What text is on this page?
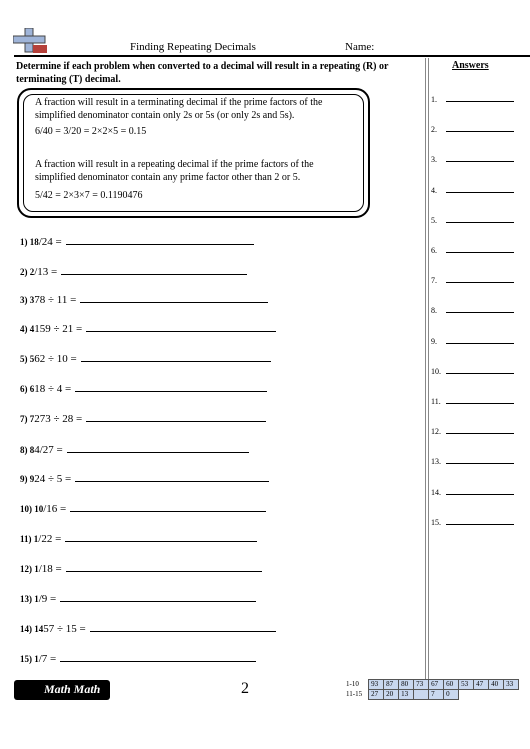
Finding Repeating Decimals	Name:
Determine if each problem when converted to a decimal will result in a repeating (R) or terminating (T) decimal.
Answers

A fraction will result in a terminating decimal if the prime factors of the simplified denominator contain only 2s or 5s (or only 2s and 5s).

6/40 = 3/20 = 2×2×5 = 0.15

A fraction will result in a repeating decimal if the prime factors of the simplified denominator contain any prime factor other than 2 or 5.

5/42 = 2×3×7 = 0.1190476
1) 18/24 =
2) 2/13 =
3) 378 ÷ 11 =
4) 4159 ÷ 21 =
5) 562 ÷ 10 =
6) 618 ÷ 4 =
7) 7273 ÷ 28 =
8) 84/27 =
9) 924 ÷ 5 =
10) 10/16 =
11) 1/22 =
12) 1/18 =
13) 1/9 =
14) 1457 ÷ 15 =
15) 1/7 =
1.
2.
3.
4.
5.
6.
7.
8.
9.
10.
11.
12.
13.
14.
15.
Math Math	2	1-10	93	87	80	73	67	60	53	47	40	33
11-15	27	20	13		7	0				
